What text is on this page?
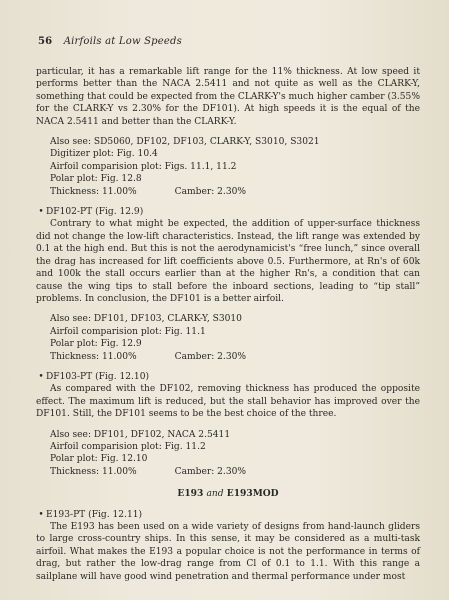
56 Airfoils at Low Speeds

particular, it has a remarkable lift range for the 11% thickness. At low speed it performs better than the NACA 2.5411 and not quite as well as the CLARK-Y, something that could be expected from the CLARK-Y's much higher camber (3.55% for the CLARK-Y vs 2.30% for the DF101). At high speeds it is the equal of the NACA 2.5411 and better than the CLARK-Y.

Also see: SD5060, DF102, DF103, CLARK-Y, S3010, S3021
Digitizer plot: Fig. 10.4
Airfoil comparision plot: Figs. 11.1, 11.2
Polar plot: Fig. 12.8
Thickness: 11.00%	Camber: 2.30%
• DF102-PT (Fig. 12.9)

Contrary to what might be expected, the addition of upper-surface thickness did not change the low-lift characteristics. Instead, the lift range was extended by 0.1 at the high end. But this is not the aerodynamicist's “free lunch,” since overall the drag has increased for lift coefficients above 0.5. Furthermore, at Rn's of 60k and 100k the stall occurs earlier than at the higher Rn's, a condition that can cause the wing tips to stall before the inboard sections, leading to “tip stall” problems. In conclusion, the DF101 is a better airfoil.

Also see: DF101, DF103, CLARK-Y, S3010
Airfoil comparision plot: Fig. 11.1
Polar plot: Fig. 12.9
Thickness: 11.00%	Camber: 2.30%
• DF103-PT (Fig. 12.10)

As compared with the DF102, removing thickness has produced the opposite effect. The maximum lift is reduced, but the stall behavior has improved over the DF101. Still, the DF101 seems to be the best choice of the three.

Also see: DF101, DF102, NACA 2.5411
Airfoil comparision plot: Fig. 11.2
Polar plot: Fig. 12.10
Thickness: 11.00%	Camber: 2.30%
E193 and E193MOD
• E193-PT (Fig. 12.11)

The E193 has been used on a wide variety of designs from hand-launch gliders to large cross-country ships. In this sense, it may be considered as a multi-task airfoil. What makes the E193 a popular choice is not the performance in terms of drag, but rather the low-drag range from Cl of 0.1 to 1.1. With this range a sailplane will have good wind penetration and thermal performance under most
